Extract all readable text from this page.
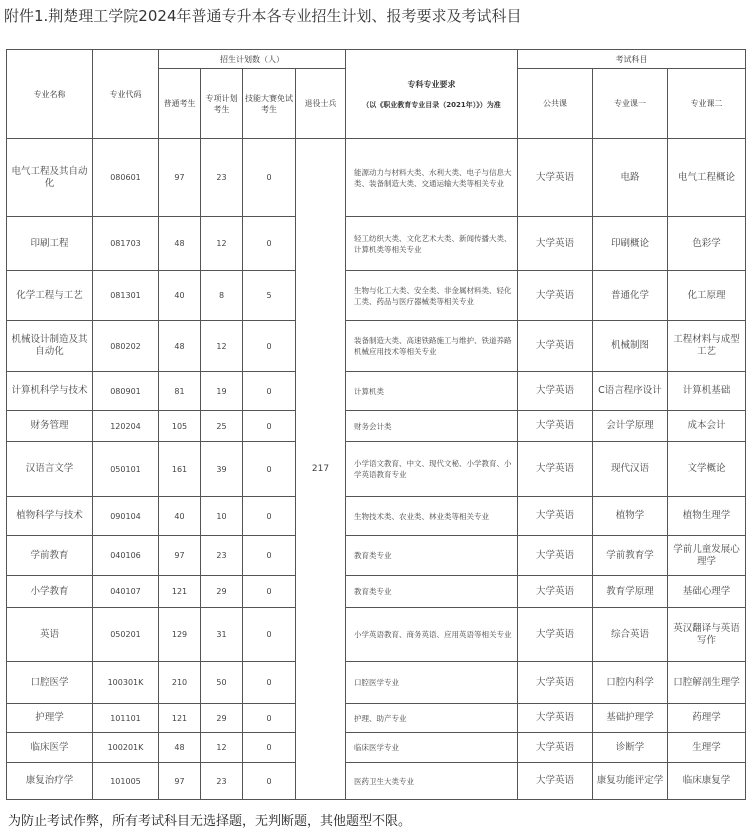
附件1.荆楚理工学院2024年普通专升本各专业招生计划、报考要求及考试科目
专业名称	专业代码	招生计划数（人）				专科专业要求
（以《职业教育专业目录（2021年）》）为准	考试科目		
		普通考生	专项计划考生	技能大赛免试考生	退役士兵		公共课	专业课一	专业课二
电气工程及其自动化	080601	97	23	0	217	能源动力与材料大类、水利大类、电子与信息大类、装备制造大类、交通运输大类等相关专业	大学英语	电路	电气工程概论
印刷工程	081703	48	12	0		轻工纺织大类、文化艺术大类、新闻传播大类、计算机类等相关专业	大学英语	印刷概论	色彩学
化学工程与工艺	081301	40	8	5		生物与化工大类、安全类、非金属材料类、轻化工类、药品与医疗器械类等相关专业	大学英语	普通化学	化工原理
机械设计制造及其自动化	080202	48	12	0		装备制造大类、高速铁路施工与维护、铁道养路机械应用技术等相关专业	大学英语	机械制图	工程材料与成型工艺
计算机科学与技术	080901	81	19	0		计算机类	大学英语	C语言程序设计	计算机基础
财务管理	120204	105	25	0		财务会计类	大学英语	会计学原理	成本会计
汉语言文学	050101	161	39	0		小学语文教育、中文、现代文秘、小学教育、小学英语教育专业	大学英语	现代汉语	文学概论
植物科学与技术	090104	40	10	0		生物技术类、农业类、林业类等相关专业	大学英语	植物学	植物生理学
学前教育	040106	97	23	0		教育类专业	大学英语	学前教育学	学前儿童发展心理学
小学教育	040107	121	29	0		教育类专业	大学英语	教育学原理	基础心理学
英语	050201	129	31	0		小学英语教育、商务英语、应用英语等相关专业	大学英语	综合英语	英汉翻译与英语写作
口腔医学	100301K	210	50	0		口腔医学专业	大学英语	口腔内科学	口腔解剖生理学
护理学	101101	121	29	0		护理、助产专业	大学英语	基础护理学	药理学
临床医学	100201K	48	12	0		临床医学专业	大学英语	诊断学	生理学
康复治疗学	101005	97	23	0		医药卫生大类专业	大学英语	康复功能评定学	临床康复学
为防止考试作弊，所有考试科目无选择题，无判断题，其他题型不限。
